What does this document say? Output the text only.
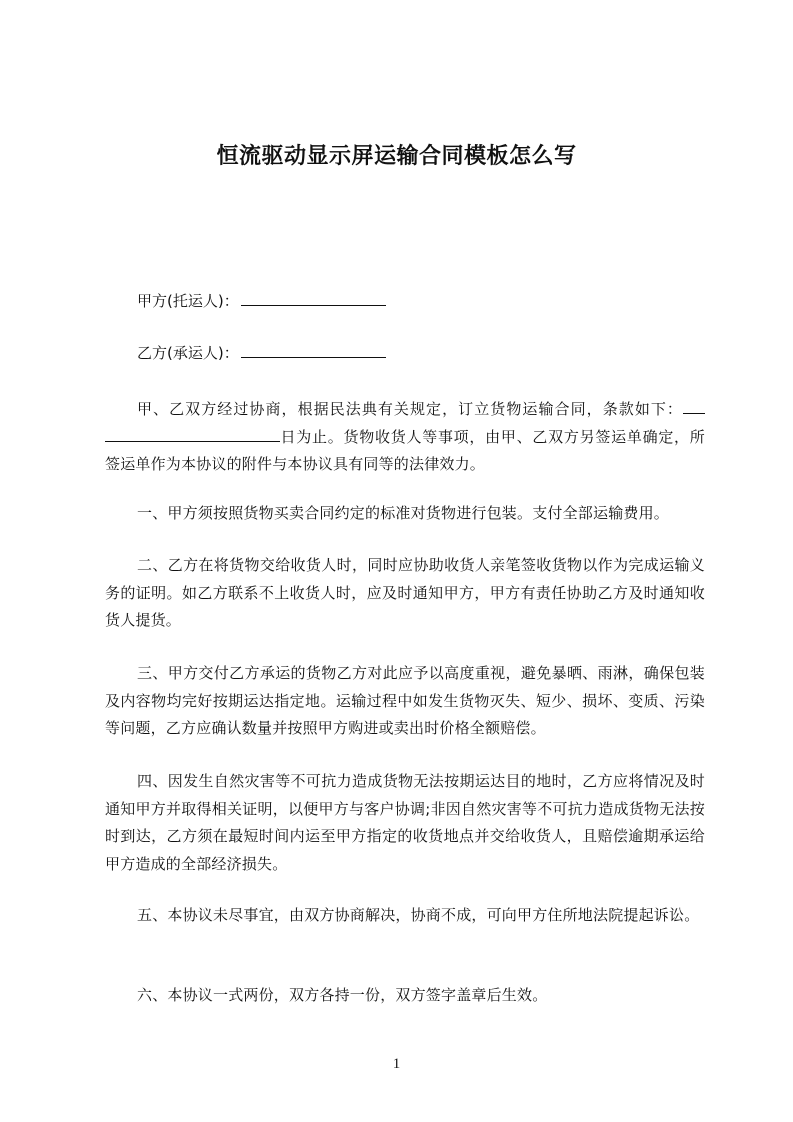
恒流驱动显示屏运输合同模板怎么写
甲方(托运人)：
乙方(承运人)：
甲、乙双方经过协商，根据民法典有关规定，订立货物运输合同，条款如下： 日为止。货物收货人等事项，由甲、乙双方另签运单确定，所签运单作为本协议的附件与本协议具有同等的法律效力。
一、甲方须按照货物买卖合同约定的标准对货物进行包装。支付全部运输费用。
二、乙方在将货物交给收货人时，同时应协助收货人亲笔签收货物以作为完成运输义务的证明。如乙方联系不上收货人时，应及时通知甲方，甲方有责任协助乙方及时通知收货人提货。
三、甲方交付乙方承运的货物乙方对此应予以高度重视，避免暴晒、雨淋，确保包装及内容物均完好按期运达指定地。运输过程中如发生货物灭失、短少、损坏、变质、污染等问题，乙方应确认数量并按照甲方购进或卖出时价格全额赔偿。
四、因发生自然灾害等不可抗力造成货物无法按期运达目的地时，乙方应将情况及时通知甲方并取得相关证明，以便甲方与客户协调;非因自然灾害等不可抗力造成货物无法按时到达，乙方须在最短时间内运至甲方指定的收货地点并交给收货人，且赔偿逾期承运给甲方造成的全部经济损失。
五、本协议未尽事宜，由双方协商解决，协商不成，可向甲方住所地法院提起诉讼。
六、本协议一式两份，双方各持一份，双方签字盖章后生效。
1
